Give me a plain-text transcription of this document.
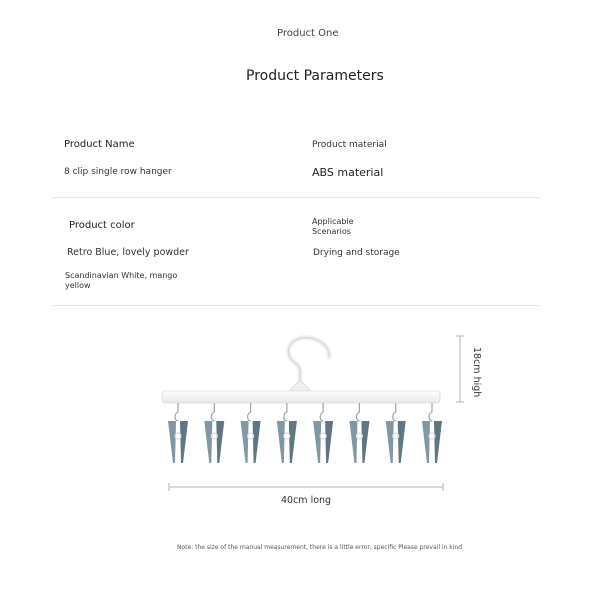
Product One
Product Parameters
Product Name
8 clip single row hanger
Product material
ABS material
Product color
Retro Blue, lovely powder
Scandinavian White, mango yellow
Applicable Scenarios
Drying and storage
18cm high
40cm long
Note: the size of the manual measurement, there is a little error, specific Please prevail in kind
